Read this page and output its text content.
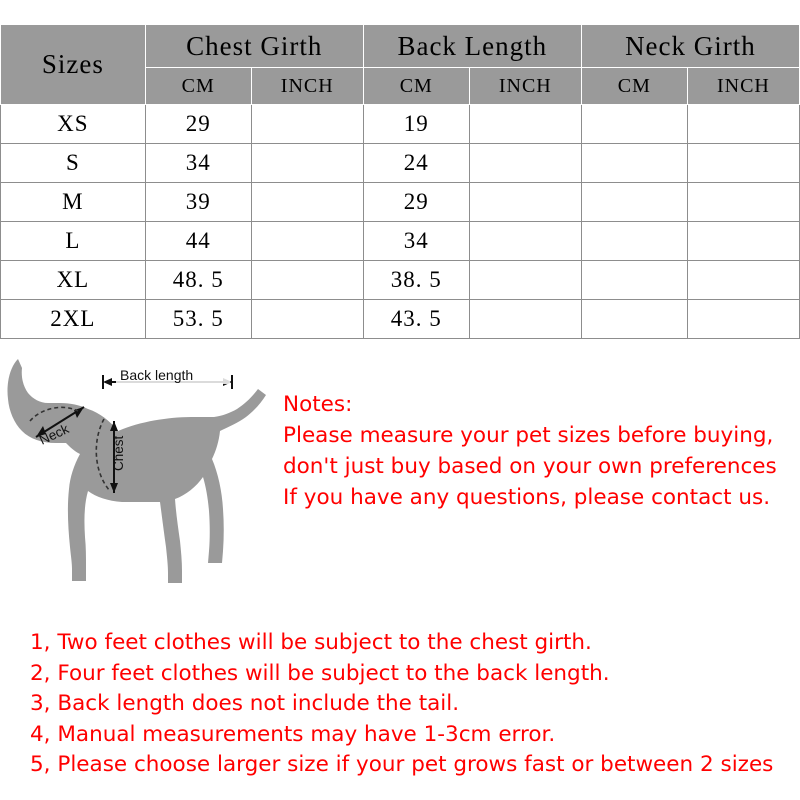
Sizes	Chest Girth		Back Length		Neck Girth	
	CM	INCH	CM	INCH	CM	INCH
XS	29		19			
S	34		24			
M	39		29			
L	44		34			
XL	48. 5		38. 5			
2XL	53. 5		43. 5			
Back length
Neck
Chest
Notes:
Please measure your pet sizes before buying,
don't just buy based on your own preferences
If you have any questions, please contact us.
1, Two feet clothes will be subject to the chest girth.
2, Four feet clothes will be subject to the back length.
3, Back length does not include the tail.
4, Manual measurements may have 1-3cm error.
5, Please choose larger size if your pet grows fast or between 2 sizes
